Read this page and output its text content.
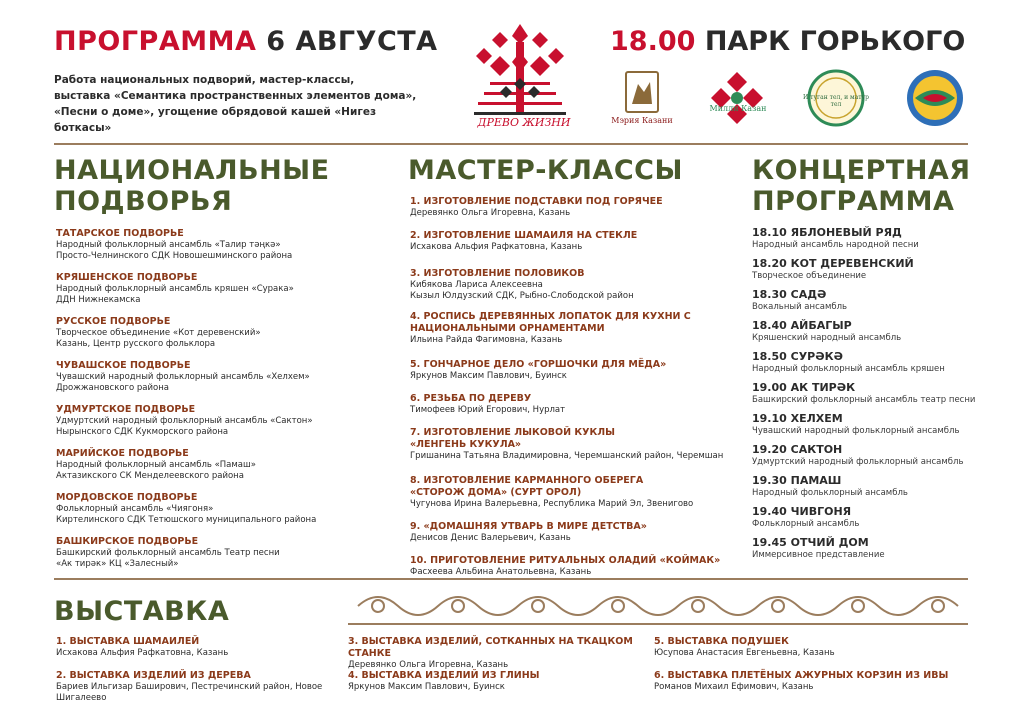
ПРОГРАММА 6 АВГУСТА	18.00 ПАРК ГОРЬКОГО
Работа национальных подворий, мастер-классы,
выставка «Семантика пространственных элементов дома»,
«Песни о доме», угощение обрядовой кашей «Нигез боткасы»	ДРЕВО ЖИЗНИ	Мэрия Казани
Милли Казан
И туган тел, и матур тел
НАЦИОНАЛЬНЫЕ
ПОДВОРЬЯ
МАСТЕР-КЛАССЫ	КОНЦЕРТНАЯ
ПРОГРАММА
ТАТАРСКОЕ ПОДВОРЬЕ
Народный фольклорный ансамбль «Талир тәңкә»
Просто-Челнинского СДК Новошешминского района
КРЯШЕНСКОЕ ПОДВОРЬЕ
Народный фольклорный ансамбль кряшен «Сурака»
ДДН Нижнекамска
РУССКОЕ ПОДВОРЬЕ
Творческое объединение «Кот деревенский»
Казань, Центр русского фольклора
ЧУВАШСКОЕ ПОДВОРЬЕ
Чувашский народный фольклорный ансамбль «Хелхем»
Дрожжановского района
УДМУРТСКОЕ ПОДВОРЬЕ
Удмуртский народный фольклорный ансамбль «Сактон»
Нырынского СДК Кукморского района
МАРИЙСКОЕ ПОДВОРЬЕ
Народный фольклорный ансамбль «Памаш»
Актазикского СК Менделеевского района
МОРДОВСКОЕ ПОДВОРЬЕ
Фольклорный ансамбль «Чиягоня»
Киртелинского СДК Тетюшского муниципального района
БАШКИРСКОЕ ПОДВОРЬЕ
Башкирский фольклорный ансамбль Театр песни
«Ак тирәк» КЦ «Залесный»
1. ИЗГОТОВЛЕНИЕ ПОДСТАВКИ ПОД ГОРЯЧЕЕ
Деревянко Ольга Игоревна, Казань
2. ИЗГОТОВЛЕНИЕ ШАМАИЛЯ НА СТЕКЛЕ
Исхакова Альфия Рафкатовна, Казань
3. ИЗГОТОВЛЕНИЕ ПОЛОВИКОВ
Кибякова Лариса Алексеевна
Кызыл Юлдузский СДК, Рыбно-Слободской район
4. РОСПИСЬ ДЕРЕВЯННЫХ ЛОПАТОК ДЛЯ КУХНИ С
НАЦИОНАЛЬНЫМИ ОРНАМЕНТАМИ
Ильина Райда Фагимовна, Казань
5. ГОНЧАРНОЕ ДЕЛО «ГОРШОЧКИ ДЛЯ МЁДА»
Яркунов Максим Павлович, Буинск
6. РЕЗЬБА ПО ДЕРЕВУ
Тимофеев Юрий Егорович, Нурлат
7. ИЗГОТОВЛЕНИЕ ЛЫКОВОЙ КУКЛЫ
«ЛЕНГЕНЬ КУКУЛА»
Гришанина Татьяна Владимировна, Черемшанский район, Черемшан
8. ИЗГОТОВЛЕНИЕ КАРМАННОГО ОБЕРЕГА
«СТОРОЖ ДОМА» (СУРТ ОРОЛ)
Чугунова Ирина Валерьевна, Республика Марий Эл, Звенигово
9. «ДОМАШНЯЯ УТВАРЬ В МИРЕ ДЕТСТВА»
Денисов Денис Валерьевич, Казань
10. ПРИГОТОВЛЕНИЕ РИТУАЛЬНЫХ ОЛАДИЙ «КОЙМАК»
Фасхеева Альбина Анатольевна, Казань
18.10 ЯБЛОНЕВЫЙ РЯД
Народный ансамбль народной песни
18.20 КОТ ДЕРЕВЕНСКИЙ
Творческое объединение
18.30 САДӘ
Вокальный ансамбль
18.40 АЙБАГЫР
Кряшенский народный ансамбль
18.50 СУРӘКӘ
Народный фольклорный ансамбль кряшен
19.00 АК ТИРӘК
Башкирский фольклорный ансамбль театр песни
19.10 ХЕЛХЕМ
Чувашский народный фольклорный ансамбль
19.20 САКТОН
Удмуртский народный фольклорный ансамбль
19.30 ПАМАШ
Народный фольклорный ансамбль
19.40 ЧИВГОНЯ
Фольклорный ансамбль
19.45 ОТЧИЙ ДОМ
Иммерсивное представление
ВЫСТАВКА
1. ВЫСТАВКА ШАМАИЛЕЙ
Исхакова Альфия Рафкатовна, Казань
2. ВЫСТАВКА ИЗДЕЛИЙ ИЗ ДЕРЕВА
Бариев Ильгизар Баширович, Пестречинский район, Новое Шигалеево
3. ВЫСТАВКА ИЗДЕЛИЙ, СОТКАННЫХ НА ТКАЦКОМ СТАНКЕ
Деревянко Ольга Игоревна, Казань
4. ВЫСТАВКА ИЗДЕЛИЙ ИЗ ГЛИНЫ
Яркунов Максим Павлович, Буинск
5. ВЫСТАВКА ПОДУШЕК
Юсупова Анастасия Евгеньевна, Казань
6. ВЫСТАВКА ПЛЕТЁНЫХ АЖУРНЫХ КОРЗИН ИЗ ИВЫ
Романов Михаил Ефимович, Казань
